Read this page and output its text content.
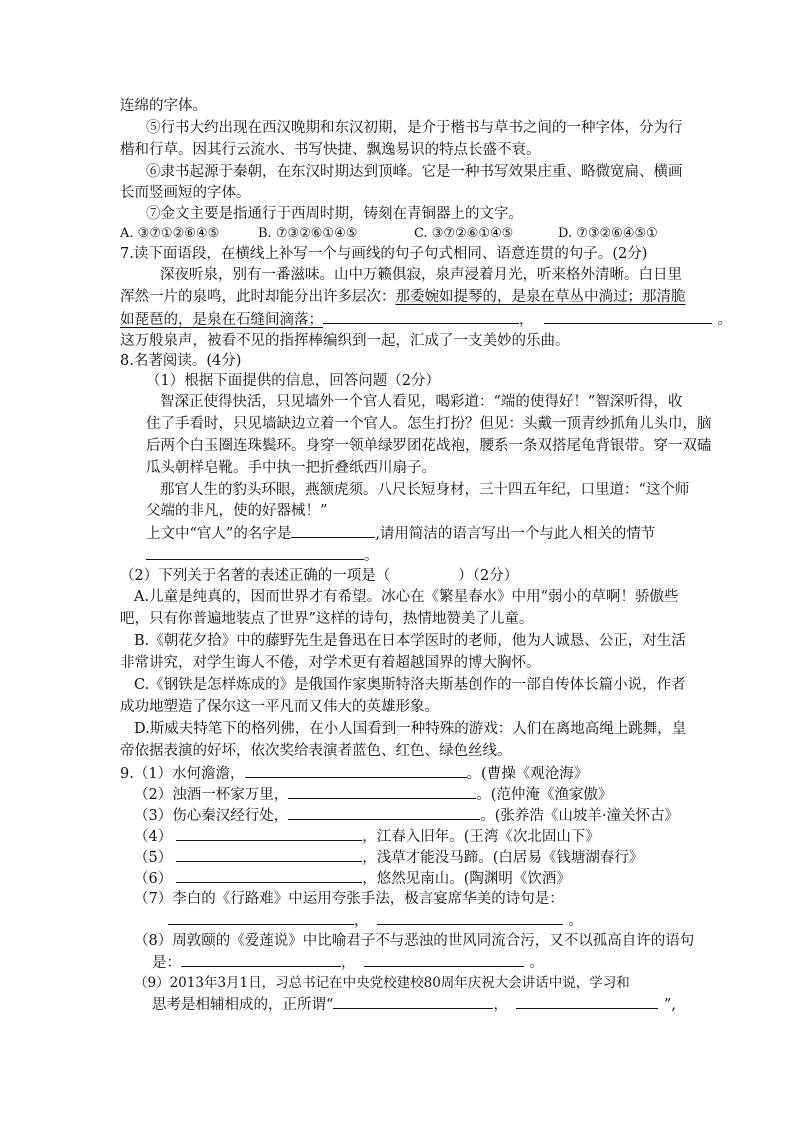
连绵的字体。
⑤行书大约出现在西汉晚期和东汉初期，是介于楷书与草书之间的一种字体，分为行
楷和行草。因其行云流水、书写快捷、飘逸易识的特点长盛不衰。
⑥隶书起源于秦朝，在东汉时期达到顶峰。它是一种书写效果庄重、略微宽扁、横画
长而竖画短的字体。
⑦金文主要是指通行于西周时期，铸刻在青铜器上的文字。
A. ③⑦①②⑥④⑤	B. ⑦③②⑥①④⑤	C. ③⑦②⑥①④⑤	D. ⑦③②⑥④⑤①
7.读下面语段，在横线上补写一个与画线的句子句式相同、语意连贯的句子。(2分)
深夜听泉，别有一番滋味。山中万籁俱寂，泉声浸着月光，听来格外清晰。白日里
浑然一片的泉鸣，此时却能分出许多层次：那委婉如提琴的，是泉在草丛中淌过；那清脆
如琵琶的，是泉在石缝间滴落；	，	。
这万般泉声，被看不见的指挥棒编织到一起，汇成了一支美妙的乐曲。
8.名著阅读。(4分)
（1）根据下面提供的信息，回答问题（2分）
智深正使得快活，只见墙外一个官人看见，喝彩道：“端的使得好！”智深听得，收
住了手看时，只见墙缺边立着一个官人。怎生打扮？但见：头戴一顶青纱抓角儿头巾，脑
后两个白玉圈连珠鬓环。身穿一领单绿罗团花战袍，腰系一条双搭尾龟背银带。穿一双磕
瓜头朝样皂靴。手中执一把折叠纸西川扇子。
那官人生的豹头环眼，燕颔虎须。八尺长短身材，三十四五年纪，口里道：“这个师
父端的非凡，使的好器械！”
上文中“官人”的名字是	,请用简洁的语言写出一个与此人相关的情节
。
（2）下列关于名著的表述正确的一项是（	）（2分）
A.儿童是纯真的，因而世界才有希望。冰心在《繁星春水》中用“弱小的草啊！骄傲些
吧，只有你普遍地装点了世界”这样的诗句，热情地赞美了儿童。
B.《朝花夕拾》中的藤野先生是鲁迅在日本学医时的老师，他为人诚恳、公正，对生活
非常讲究，对学生诲人不倦，对学术更有着超越国界的博大胸怀。
C.《钢铁是怎样炼成的》是俄国作家奥斯特洛夫斯基创作的一部自传体长篇小说，作者
成功地塑造了保尔这一平凡而又伟大的英雄形象。
D.斯威夫特笔下的格列佛，在小人国看到一种特殊的游戏：人们在离地高绳上跳舞，皇
帝依据表演的好坏，依次奖给表演者蓝色、红色、绿色丝线。
9.（1）水何澹澹，	。(曹操《观沧海》
（2）浊酒一杯家万里，	。(范仲淹《渔家傲》
（3）伤心秦汉经行处，	。(张养浩《山坡羊·潼关怀古》
（4）	，江春入旧年。(王湾《次北固山下》
（5）	，浅草才能没马蹄。(白居易《钱塘湖春行》
（6）	，悠然见南山。(陶渊明《饮酒》
（7）李白的《行路难》中运用夸张手法，极言宴席华美的诗句是：
，	。
（8）周敦颐的《爱莲说》中比喻君子不与恶浊的世风同流合污，又不以孤高自许的语句
是：	，	。
（9）2013年3月1日，习总书记在中央党校建校80周年庆祝大会讲话中说，学习和
思考是相辅相成的，正所谓“	，	”,
